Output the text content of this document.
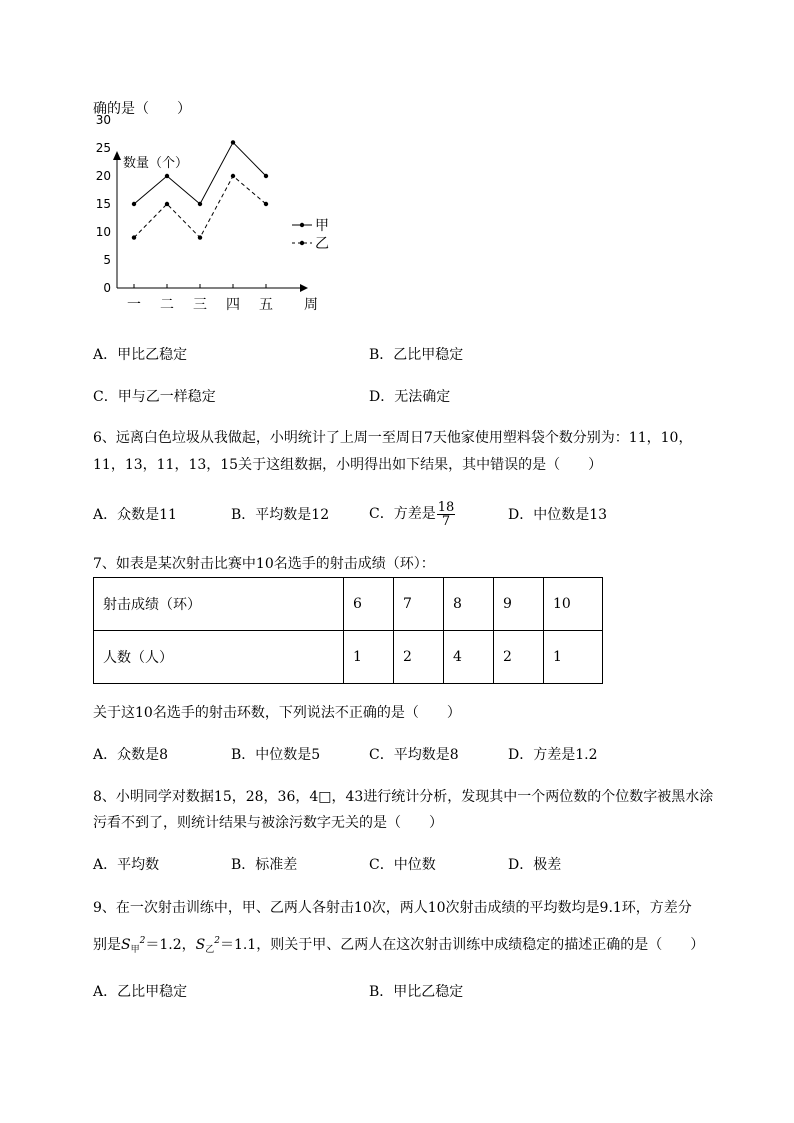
确的是（　　）
数量（个）
30
25
20
15
10
5
0
一 二 三 四 五 周
甲
乙
A．甲比乙稳定	B．乙比甲稳定
C．甲与乙一样稳定	D．无法确定
6、远离白色垃圾从我做起，小明统计了上周一至周日7天他家使用塑料袋个数分别为：11，10，
11，13，11，13，15关于这组数据，小明得出如下结果，其中错误的是（　　）
A．众数是11	B．平均数是12	C．方差是 $\frac{18}{7}$	D．中位数是13
7、如表是某次射击比赛中10名选手的射击成绩（环）：
射击成绩（环）	6	7	8	9	10
人数（人）	1	2	4	2	1
关于这10名选手的射击环数，下列说法不正确的是（　　）
A．众数是8	B．中位数是5	C．平均数是8	D．方差是1.2
8、小明同学对数据15，28，36，4□，43进行统计分析，发现其中一个两位数的个位数字被黑水涂
污看不到了，则统计结果与被涂污数字无关的是（　　）
A．平均数	B．标准差	C．中位数	D．极差
9、在一次射击训练中，甲、乙两人各射击10次，两人10次射击成绩的平均数均是9.1环，方差分
别是$S_甲^2=1.2$，$S_乙^2=1.1$，则关于甲、乙两人在这次射击训练中成绩稳定的描述正确的是（　　）
A．乙比甲稳定	B．甲比乙稳定
